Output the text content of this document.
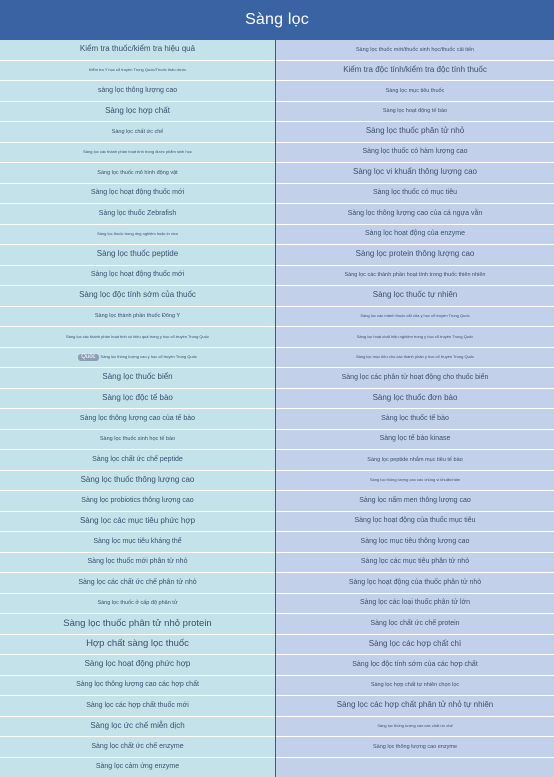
Sàng lọc
Kiểm tra thuốc/kiểm tra hiệu quả
Kiểm tra Y học cổ truyền Trung Quốc/Thuốc thảo dược
sàng lọc thông lượng cao
Sàng lọc hợp chất
Sàng lọc chất ức chế
Sàng lọc các thành phần hoạt tính trong được phẩm sinh học
Sàng lọc thuốc mô hình động vật
Sàng lọc hoạt động thuốc mới
Sàng lọc thuốc Zebrafish
Sàng lọc thuốc trong ống nghiệm hoặc in vivo
Sàng lọc thuốc peptide
Sàng lọc hoạt động thuốc mới
Sàng lọc độc tính sớm của thuốc
Sàng lọc thành phần thuốc Đông Y
Sàng lọc các thành phần hoạt tính có hiệu quả trong y học cổ truyền Trung Quốc
Quốc	Sàng lọc thông lượng cao y học cổ truyền Trung Quốc
Sàng lọc thuốc biển
Sàng lọc độc tế bào
Sàng lọc thông lượng cao của tế bào
Sàng lọc thuốc sinh học tế bào
Sàng lọc chất ức chế peptide
Sàng lọc thuốc thông lượng cao
Sàng lọc probiotics thông lượng cao
Sàng lọc các mục tiêu phức hợp
Sàng lọc mục tiêu kháng thể
Sàng lọc thuốc mới phân tử nhỏ
Sàng lọc các chất ức chế phân tử nhỏ
Sàng lọc thuốc ở cấp độ phân tử
Sàng lọc thuốc phân tử nhỏ protein
Hợp chất sàng lọc thuốc
Sàng lọc hoạt động phức hợp
Sàng lọc thông lượng cao các hợp chất
Sàng lọc các hợp chất thuốc mới
Sàng lọc ức chế miễn dịch
Sàng lọc chất ức chế enzyme
Sàng lọc cảm ứng enzyme
Sàng lọc thuốc mới/thuốc sinh học/thuốc cải tiến
Kiểm tra độc tính/kiểm tra độc tính thuốc
Sàng lọc mục tiêu thuốc
Sàng lọc hoạt động tế bào
Sàng lọc thuốc phân tử nhỏ
Sàng lọc thuốc có hàm lượng cao
Sàng lọc vi khuẩn thông lượng cao
Sàng lọc thuốc có mục tiêu
Sàng lọc thông lượng cao của cá ngựa vằn
Sàng lọc hoạt động của enzyme
Sàng lọc protein thông lượng cao
Sàng lọc các thành phần hoạt tính trong thuốc thiên nhiên
Sàng lọc thuốc tự nhiên
Sàng lọc các mảnh thuốc cắt của y học cổ truyền Trung Quốc
Sàng lọc hoạt chất hiệu nghiệm trong y học cổ truyền Trung Quốc
Sàng lọc mục tiêu cho các thành phần y học cổ truyền Trung Quốc
Sàng lọc các phân tử hoạt động cho thuốc biển
Sàng lọc thuốc đơn bào
Sàng lọc thuốc tế bào
Sàng lọc tế bào kinase
Sàng lọc peptide nhắm mục tiêu tế bào
Sàng lọc thông lượng cao các chủng vi khuẩn/nấm
Sàng lọc nấm men thông lượng cao
Sàng lọc hoạt động của thuốc mục tiêu
Sàng lọc mục tiêu thông lượng cao
Sàng lọc các mục tiêu phân tử nhỏ
Sàng lọc hoạt động của thuốc phân tử nhỏ
Sàng lọc các loại thuốc phân tử lớn
Sàng lọc chất ức chế protein
Sàng lọc các hợp chất chì
Sàng lọc độc tính sớm của các hợp chất
Sàng lọc hợp chất tự nhiên chọn lọc
Sàng lọc các hợp chất phân tử nhỏ tự nhiên
Sàng lọc thông lượng cao các chất ức chế
Sàng lọc thông lượng cao enzyme
